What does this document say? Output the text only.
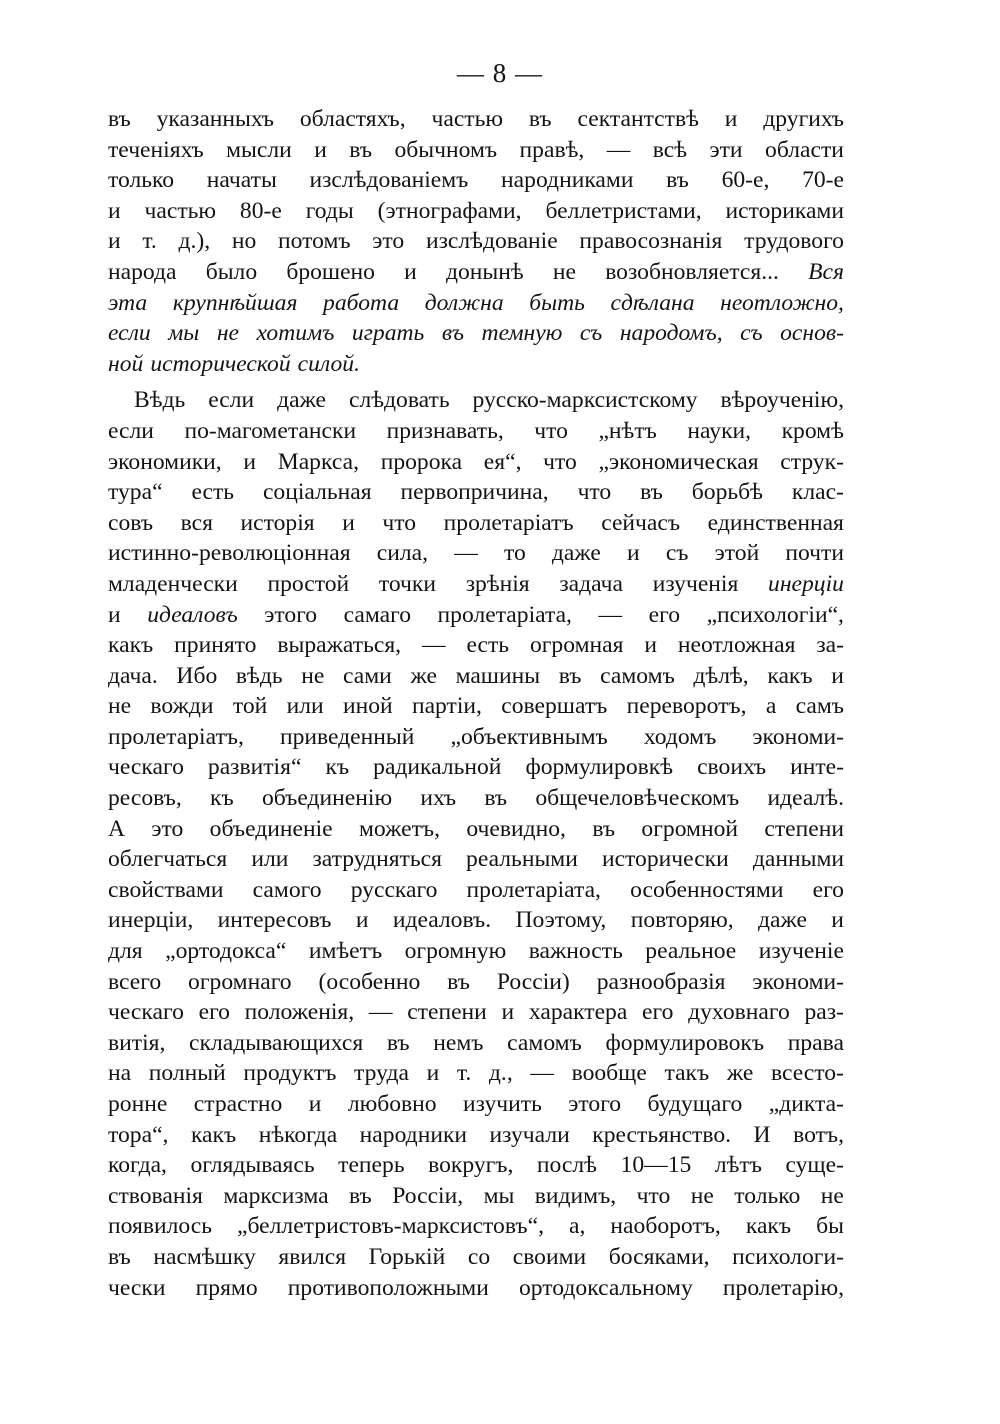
— 8 —
въ указанныхъ областяхъ, частью въ сектантствѣ и другихъ
теченіяхъ мысли и въ обычномъ правѣ, — всѣ эти области
только начаты изслѣдованіемъ народниками въ 60-е, 70-е
и частью 80-е годы (этнографами, беллетристами, историками
и т. д.), но потомъ это изслѣдованіе правосознанія трудового
народа было брошено и донынѣ не возобновляется... Вся
эта крупнѣйшая работа должна быть сдѣлана неотложно,
если мы не хотимъ играть въ темную съ народомъ, съ основ-
ной исторической силой.
Вѣдь если даже слѣдовать русско-марксистскому вѣроученію,
если по-магометански признавать, что „нѣтъ науки, кромѣ
экономики, и Маркса, пророка ея“, что „экономическая струк-
тура“ есть соціальная первопричина, что въ борьбѣ клас-
совъ вся исторія и что пролетаріатъ сейчасъ единственная
истинно-революціонная сила, — то даже и съ этой почти
младенчески простой точки зрѣнія задача изученія инерціи
и идеаловъ этого самаго пролетаріата, — его „психологіи“,
какъ принято выражаться, — есть огромная и неотложная за-
дача. Ибо вѣдь не сами же машины въ самомъ дѣлѣ, какъ и
не вожди той или иной партіи, совершатъ переворотъ, а самъ
пролетаріатъ, приведенный „объективнымъ ходомъ экономи-
ческаго развитія“ къ радикальной формулировкѣ своихъ инте-
ресовъ, къ объединенію ихъ въ общечеловѣческомъ идеалѣ.
А это объединеніе можетъ, очевидно, въ огромной степени
облегчаться или затрудняться реальными исторически данными
свойствами самого русскаго пролетаріата, особенностями его
инерціи, интересовъ и идеаловъ. Поэтому, повторяю, даже и
для „ортодокса“ имѣетъ огромную важность реальное изученіе
всего огромнаго (особенно въ Россіи) разнообразія экономи-
ческаго его положенія, — степени и характера его духовнаго раз-
витія, складывающихся въ немъ самомъ формулировокъ права
на полный продуктъ труда и т. д., — вообще такъ же всесто-
ронне страстно и любовно изучить этого будущаго „дикта-
тора“, какъ нѣкогда народники изучали крестьянство. И вотъ,
когда, оглядываясь теперь вокругъ, послѣ 10—15 лѣтъ суще-
ствованія марксизма въ Россіи, мы видимъ, что не только не
появилось „беллетристовъ-марксистовъ“, а, наоборотъ, какъ бы
въ насмѣшку явился Горькій со своими босяками, психологи-
чески прямо противоположными ортодоксальному пролетарію,
